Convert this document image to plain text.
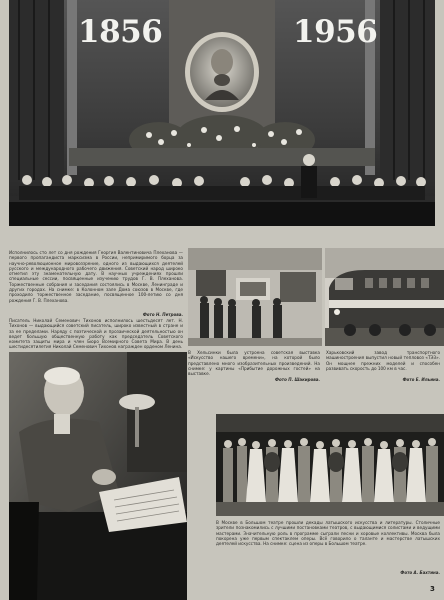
1856	1956
Исполнилось сто лет со дня рождения Георгия Валентиновича Плеханова — первого пропагандиста марксизма в России, непримиримого борца за научно-революционное мировоззрение, одного из выдающихся деятелей русского и международного рабочего движения. Советский народ широко отметил эту знаменательную дату. В научных учреждениях прошли специальные сессии, посвященные изучению трудов Г. В. Плеханова. Торжественные собрания и заседания состоялись в Москве, Ленинграде и других городах. На снимке: в Колонном зале Дома союзов в Москве, где проходило торжественное заседание, посвященное 100-летию со дня рождения Г. В. Плеханова.
Фото Н. Петрова.
Писатель Николай Семенович Тихонов исполнилось шестьдесят лет. Н. Тихонов — выдающийся советский писатель, широко известный в стране и за ее пределами. Наряду с поэтической и прозаической деятельностью он ведет большую общественную работу как председатель Советского комитета защиты мира и член Бюро Всемирного Совета Мира. В день шестидесятилетия Николай Семенович Тихонов награжден орденом Ленина.
В Хельсинки была устроена советская выставка «Искусство нашего времени», на которой было представлено много изобразительных произведений. На снимке: у картины «Прибытие дорожных гостей» на выставке.
Фото П. Шакирова.
Харьковский завод транспортного машиностроения выпустил новый тепловоз «ТЭ3». Он мощнее прежних моделей и способен развивать скорость до 100 км в час.
Фото Е. Ильина.
В Москве в Большом театре прошли декады латышского искусства и литературы. Столичные зрители познакомились с лучшими постановками театров, с выдающимися солистами и ведущими мастерами. Значительную роль в программе сыграли песни и хоровые коллективы. Москва была покорена уже первым спектаклем оперы. Всё говорило о таланте и мастерстве латышских деятелей искусства. На снимке: сцена из оперы в Большом театре.
Фото А. Бахтина.
3
